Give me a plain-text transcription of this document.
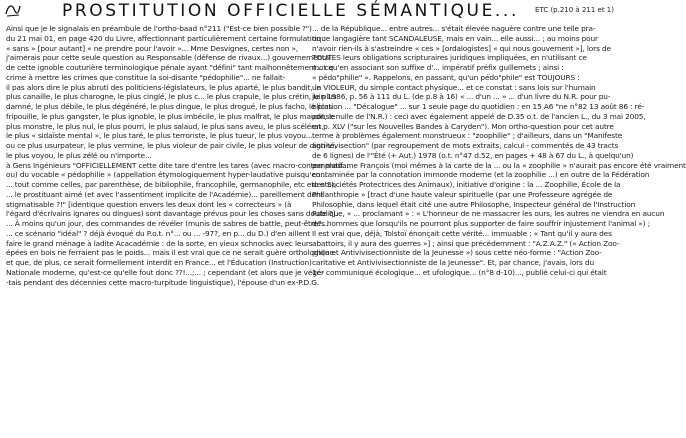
PROSTITUTION OFFICIELLE SÉMANTIQUE... ETC (p.210 à 211 et 1)
Ainsi que je le signalais en préambule de l'ortho-baad n°211 ("Est-ce bien possible ?")
du 21 mai 01, en page 420 du Livre, affectionnant particulièrement certaine formulation :
« sans » [pour autant] « ne prendre pour l'avoir »... Mme Desvignes, certes non »,
j'aimerais pour cette seule question au Responsable (défense de rivaux...) gouvernemental
de cette ignoble couturière terminologique pénale ayant "défini" tant malhonnêtement... ce
crime à mettre les crimes que constitue la soi-disante "pédophilie"... ne fallait-
il pas alors dire le plus abruti des politiciens-législateurs, le plus aparté, le plus bandit, le
plus canaille, le plus charogne, le plus cinglé, le plus c... le plus crapule, le plus crétin, le plus
damné, le plus débile, le plus dégénéré, le plus dingue, le plus drogué, le plus facho, le plus
fripouille, le plus gangster, le plus ignoble, le plus imbécile, le plus malfrat, le plus maudit, le
plus monstre, le plus nul, le plus pourri, le plus salaud, le plus sans aveu, le plus scélérat,
le plus « sidaïste mental », le plus taré, le plus terroriste, le plus tueur, le plus voyou...
ou ce plus usurpateur, le plus vermine, le plus violeur de pair civile, le plus voleur de dignité,
le plus voyou, le plus zélé ou n'importe...
à Gens Ingénieurs "OFFICIELLEMENT cette dite tare d'entre les tares (avec macro-contemplatif...
ou) du vocable « pédophilie » (appellation étymologiquement hyper-laudative puisqu'en...
... tout comme celles, par parenthèse, de bibliophile, francophile, germanophile, etc etc etc),
... le prostituant aimé (et avec l'assentiment implicite de l'Académie)... pareillement dont
stigmatisable ?!" [identique question envers les deux dont les « correcteurs » (à
l'égard d'écrivains ignares ou dingues) sont davantage prévus pour les choses sans doute ?].
... À moins qu'un jour, des commandes de révéler (munis de sabres de battle, peut-être?...
... ce scénario "idéal" ? déjà évoqué du P.o.t. n°... ou ... -97?, en p... du D.) d'en aillent
faire le grand ménage à ladite Acacadémie : de la sorte, en vieux schnocks avec leurs
épées en bois ne ferraient pas le poids... mais il est vrai que ce ne serait guère orthologique
et que, de plus, ce serait formellement interdit en France... et l'Éducation (Instruction)
Nationale moderne, qu'est-ce qu'elle fout donc ??!...;... ; cependant (et alors que je végé-
-tais pendant des décennies cette macro-turpitude linguistique), l'épouse d'un ex-P.D.G.
... de la République... entre autres... s'était élevée naguère contre une telle pra-
tique langagière tant SCANDALEUSE, mais en vain... elle aussi... ; au moins pour
n'avoir rien-ils à s'astreindre « ces » [ordalogistes] « qui nous gouvernent »], lors de
TOUTES leurs obligations scripturaires juridiques impliquées, en n'utilisant ce
mot qu'en associant son suffixe d'... impératif préfix guillemets ; ainsi :
« pédo"philie" ». Rappelons, en passant, qu'un pédo"phile" est TOUJOURS :
un VIOLEUR, du simple contact physique... et ce constat : sans lois sur l'humain
juin 1986, p. 56 à 111 du L. (de p.8 à 16) « ... d'un ... » ... d'un livre du N.R. pour pu-
blication ... "Décalogue" ... sur 1 seule page du quotidien : en 15 A6 "ne n°82 13 août 86 : ré-
ponse nulle de l'N.R.) : ceci avec également appelé de D.35 o.t. de l'ancien L., du 3 mai 2005,
en p. XLV ("sur les Nouvelles Bandes à Caryden"). Mon ortho-question pour cet autre
terme à problèmes également monstrueux : "zoophilie" ; d'ailleurs, dans un "Manifeste
anti-vivisection" (par regroupement de mots extraits, calcul - commentés de 43 tracts
de 6 lignes) de l'"Été (+ Aut.) 1978 (o.t. n°47 d.52, en pages + 48 à 67 du L., à quelqu'un)
par madame François (moi mêmes à la carte de la ... ou la « zoophilie » n'aurait pas encore été vraiment
contaminée par la connotation immonde moderne (et la zoophilie ...) en outre de la Fédération
des Sociétés Protectrices des Animaux), initiative d'origine : la ... Zoophilie, École de la
Philanthropie » [tract d'une haute valeur spirituelle (par une Professeure agrégée de
Philosophie, dans lequel était cité une autre Philosophe, Inspecteur général de l'Instruction
Publique, « ... proclamant » : « L'honneur de ne massacrer les ours, les autres ne viendra en aucun
des hommes que lorsqu'ils ne pourront plus supporter de faire souffrir injustement l'animal ») ;
Il est vrai que, déjà, Tolstoï énonçait cette vérité... immuable : « Tant qu'il y aura des
abattoirs, il y aura des guerres »] ; ainsi que précédemment : "A.Z.A.Z." (« Action Zoo-
phile et Antivivisectionniste de la Jeunesse ») sous cette néo-forme : "Action Zoo-
caritative et Antivivisectionniste de la Jeunesse". Et, par chance, j'avais, lors du
1er communiqué écologique... et ufologique... (n°8 d-10)..., publié celui-ci qui était
